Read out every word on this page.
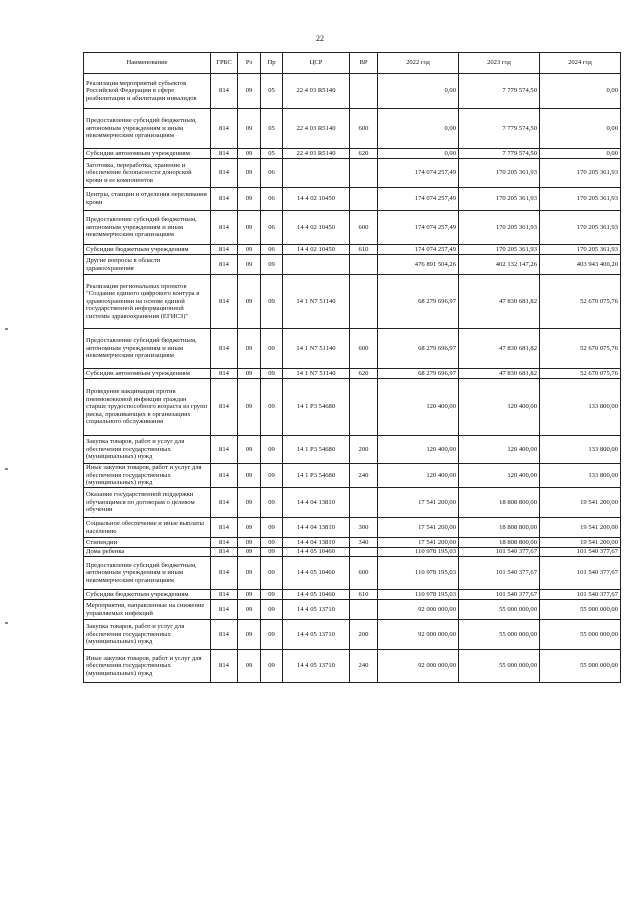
22
Наименование	ГРБС	Рз	Пр	ЦСР	ВР	2022 год	2023 год	2024 год
Реализация мероприятий субъектов Российской Федерации в сфере реабилитации и абилитации инвалидов	814	09	05	22 4 03 R5140		0,00	7 779 574,50	0,00
Предоставление субсидий бюджетным, автономным учреждениям и иным некоммерческим организациям	814	09	05	22 4 03 R5140	600	0,00	7 779 574,50	0,00
Субсидии автономным учреждениям	814	09	05	22 4 03 R5140	620	0,00	7 779 574,50	0,00
Заготовка, переработка, хранение и обеспечение безопасности донорской крови и ее компонентов	814	09	06			174 074 257,49	170 205 361,93	170 205 361,93
Центры, станции и отделения переливания крови	814	09	06	14 4 02 10450		174 074 257,49	170 205 361,93	170 205 361,93
Предоставление субсидий бюджетным, автономным учреждениям и иным некоммерческим организациям	814	09	06	14 4 02 10450	600	174 074 257,49	170 205 361,93	170 205 361,93
Субсидии бюджетным учреждениям	814	09	06	14 4 02 10450	610	174 074 257,49	170 205 361,93	170 205 361,93
Другие вопросы в области здравоохранения	814	09	09			476 891 504,26	402 132 147,26	403 943 400,20
Реализация региональных проектов "Создание единого цифрового контура в здравоохранении на основе единой государственной информационной системы здравоохранения (ЕГИСЗ)"	814	09	09	14 1 N7 51140		68 279 696,97	47 830 681,82	52 670 075,76
Предоставление субсидий бюджетным, автономным учреждениям и иным некоммерческим организациям	814	09	09	14 1 N7 51140	600	68 279 696,97	47 830 681,82	52 670 075,76
Субсидии автономным учреждениям	814	09	09	14 1 N7 51140	620	68 279 696,97	47 830 681,82	52 670 075,76
Проведение вакцинации против пневмококковой инфекции граждан старше трудоспособного возраста из групп риска, проживающих в организациях социального обслуживания	814	09	09	14 1 P3 54680		120 400,00	120 400,00	133 800,00
Закупка товаров, работ и услуг для обеспечения государственных (муниципальных) нужд	814	09	09	14 1 P3 54680	200	120 400,00	120 400,00	133 800,00
Иные закупки товаров, работ и услуг для обеспечения государственных (муниципальных) нужд	814	09	09	14 1 P3 54680	240	120 400,00	120 400,00	133 800,00
Оказание государственной поддержки обучающимся по договорам о целевом обучении	814	09	09	14 4 04 13810		17 541 200,00	18 808 800,00	19 541 200,00
Социальное обеспечение и иные выплаты населению	814	09	09	14 4 04 13810	300	17 541 200,00	18 808 800,00	19 541 200,00
Стипендии	814	09	09	14 4 04 13810	340	17 541 200,00	18 808 800,00	19 541 200,00
Дома ребенка	814	09	09	14 4 05 10460		110 978 195,03	101 540 377,67	101 540 377,67
Предоставление субсидий бюджетным, автономным учреждениям и иным некоммерческим организациям	814	09	09	14 4 05 10460	600	110 978 195,03	101 540 377,67	101 540 377,67
Субсидии бюджетным учреждениям	814	09	09	14 4 05 10460	610	110 978 195,03	101 540 377,67	101 540 377,67
Мероприятия, направленные на снижение управляемых инфекций	814	09	09	14 4 05 13710		92 000 000,00	55 000 000,00	55 000 000,00
Закупка товаров, работ и услуг для обеспечения государственных (муниципальных) нужд	814	09	09	14 4 05 13710	200	92 000 000,00	55 000 000,00	55 000 000,00
Иные закупки товаров, работ и услуг для обеспечения государственных (муниципальных) нужд	814	09	09	14 4 05 13710	240	92 000 000,00	55 000 000,00	55 000 000,00
